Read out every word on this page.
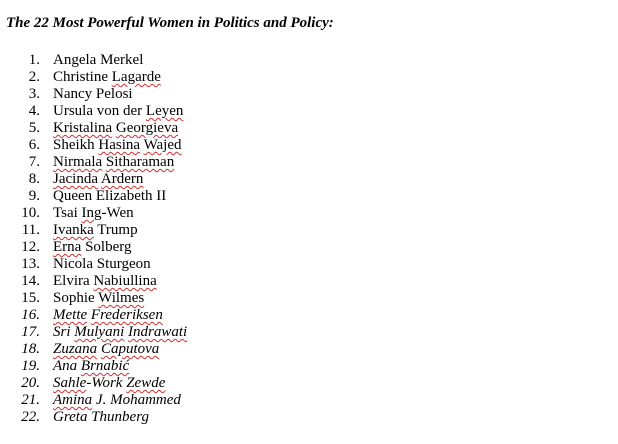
The 22 Most Powerful Women in Politics and Policy:
1. Angela Merkel
2. Christine Lagarde
3. Nancy Pelosi
4. Ursula von der Leyen
5. Kristalina Georgieva
6. Sheikh Hasina Wajed
7. Nirmala Sitharaman
8. Jacinda Ardern
9. Queen Elizabeth II
10. Tsai Ing-Wen
11. Ivanka Trump
12. Erna Solberg
13. Nicola Sturgeon
14. Elvira Nabiullina
15. Sophie Wilmes
16. Mette Frederiksen
17. Sri Mulyani Indrawati
18. Zuzana Caputova
19. Ana Brnabić
20. Sahle-Work Zewde
21. Amina J. Mohammed
22. Greta Thunberg
